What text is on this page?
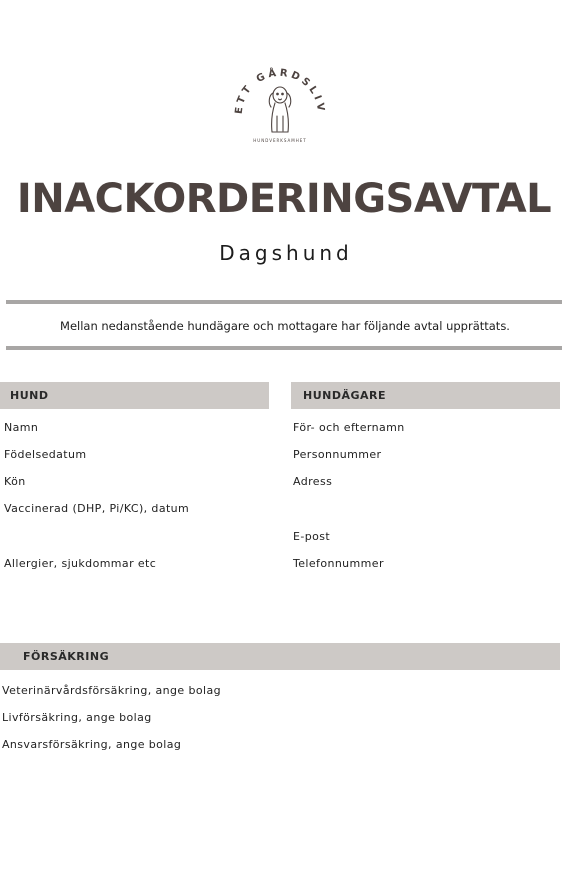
ETT GÅRDSLIV
HUNDVERKSAMHET
INACKORDERINGSAVTAL
Dagshund
Mellan nedanstående hundägare och mottagare har följande avtal upprättats.
HUND
Namn
Födelsedatum
Kön
Vaccinerad (DHP, Pi/KC), datum
Allergier, sjukdommar etc
HUNDÄGARE
För- och efternamn
Personnummer
Adress
E-post
Telefonnummer
FÖRSÄKRING
Veterinärvårdsförsäkring, ange bolag
Livförsäkring, ange bolag
Ansvarsförsäkring, ange bolag
